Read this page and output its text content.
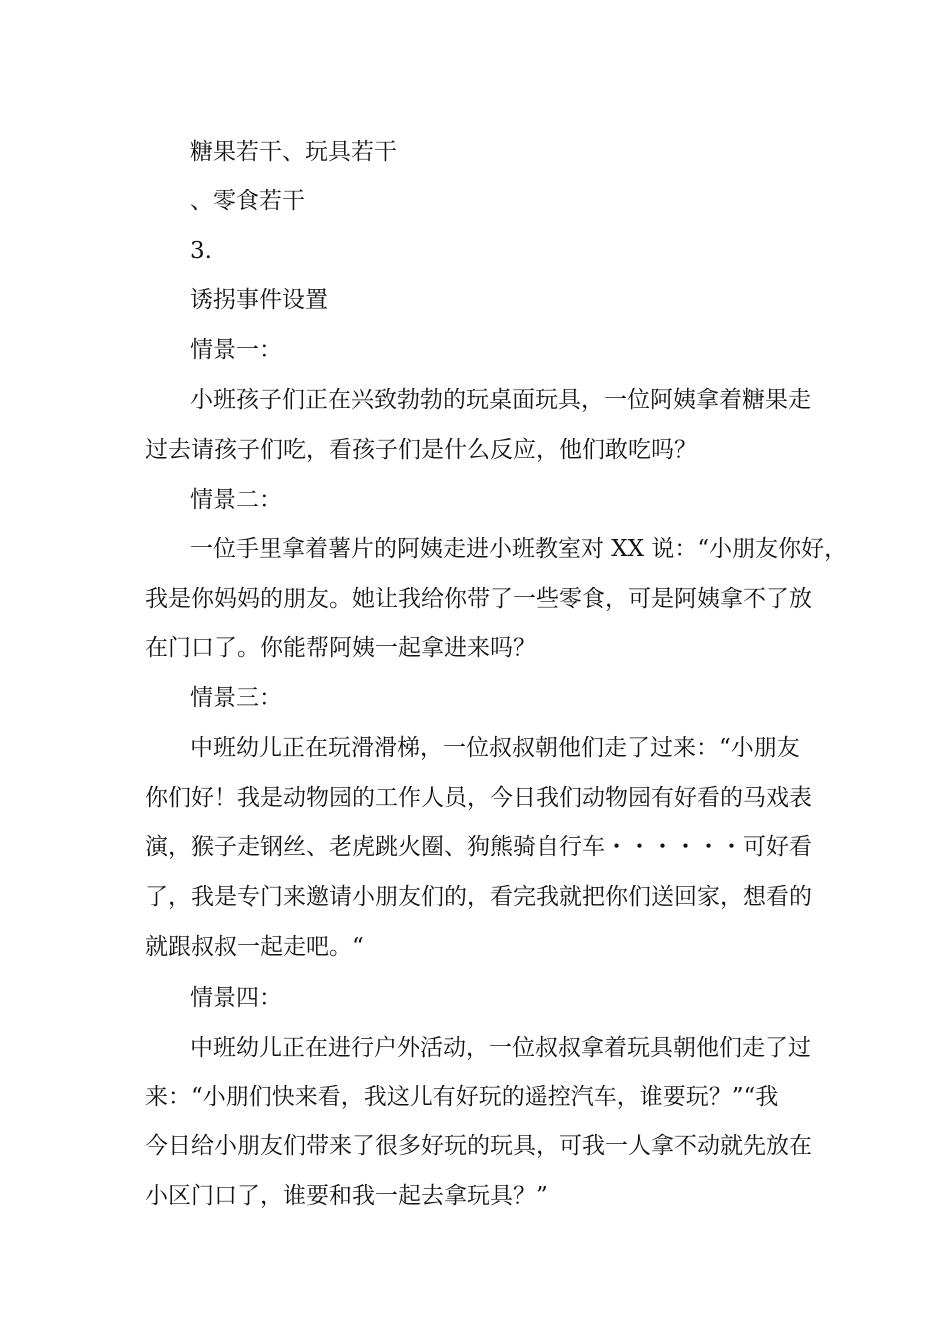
糖果若干、玩具若干
、零食若干
3.
诱拐事件设置
情景一：
小班孩子们正在兴致勃勃的玩桌面玩具，一位阿姨拿着糖果走
过去请孩子们吃，看孩子们是什么反应，他们敢吃吗？
情景二：
一位手里拿着薯片的阿姨走进小班教室对 XX 说：“小朋友你好，
我是你妈妈的朋友。她让我给你带了一些零食，可是阿姨拿不了放
在门口了。你能帮阿姨一起拿进来吗？
情景三：
中班幼儿正在玩滑滑梯，一位叔叔朝他们走了过来：“小朋友
你们好！我是动物园的工作人员，今日我们动物园有好看的马戏表
演，猴子走钢丝、老虎跳火圈、狗熊骑自行车・・・・・・可好看
了，我是专门来邀请小朋友们的，看完我就把你们送回家，想看的
就跟叔叔一起走吧。“
情景四：
中班幼儿正在进行户外活动，一位叔叔拿着玩具朝他们走了过
来：“小朋们快来看，我这儿有好玩的遥控汽车，谁要玩？”“我
今日给小朋友们带来了很多好玩的玩具，可我一人拿不动就先放在
小区门口了，谁要和我一起去拿玩具？”
